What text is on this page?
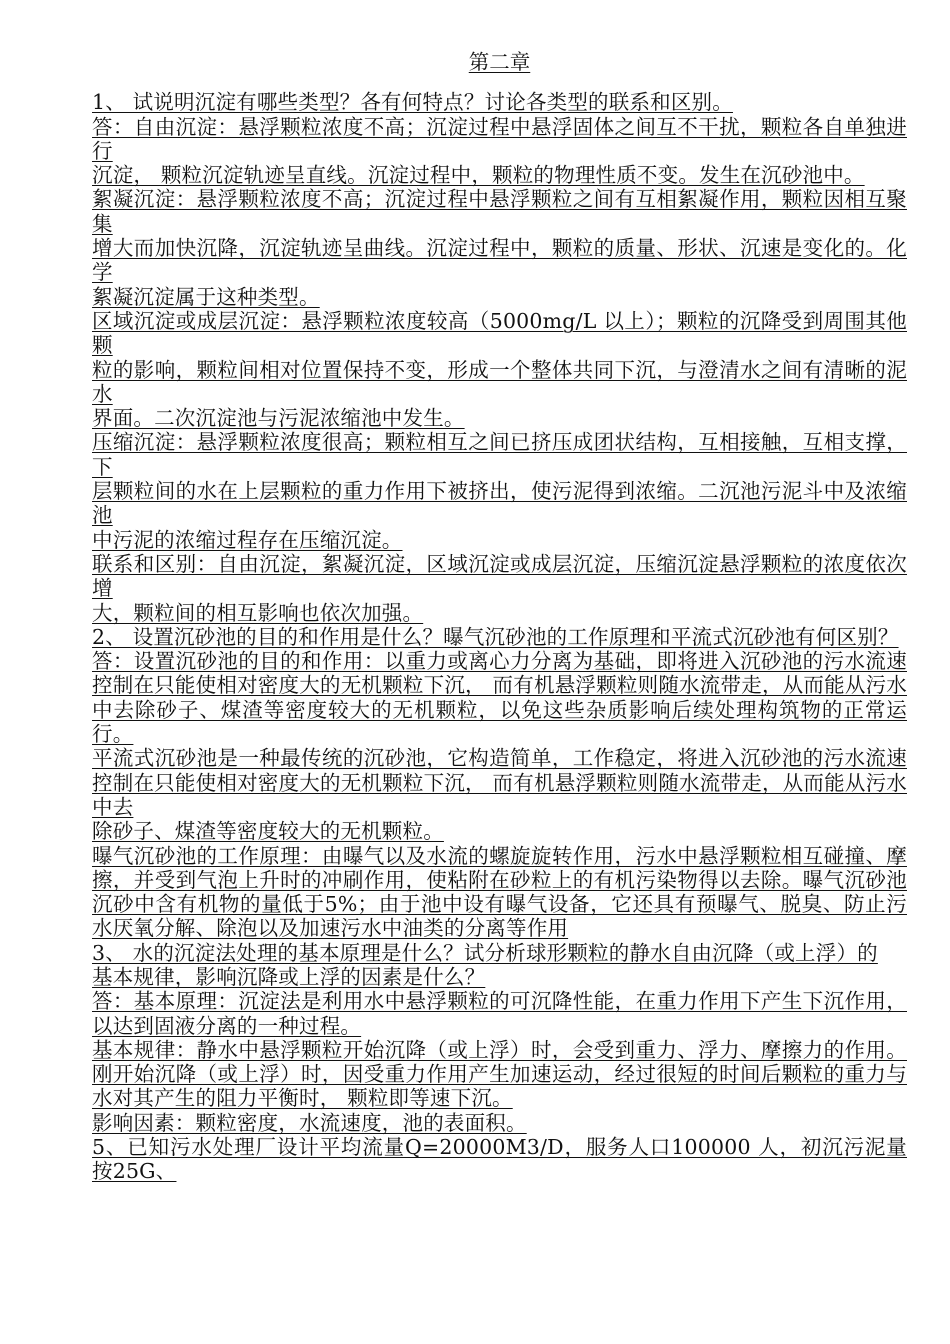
第二章

1、 试说明沉淀有哪些类型？各有何特点？讨论各类型的联系和区别。

答：自由沉淀：悬浮颗粒浓度不高；沉淀过程中悬浮固体之间互不干扰，颗粒各自单独进行

沉淀， 颗粒沉淀轨迹呈直线。沉淀过程中，颗粒的物理性质不变。发生在沉砂池中。

絮凝沉淀：悬浮颗粒浓度不高；沉淀过程中悬浮颗粒之间有互相絮凝作用，颗粒因相互聚集

增大而加快沉降，沉淀轨迹呈曲线。沉淀过程中，颗粒的质量、形状、沉速是变化的。化学

絮凝沉淀属于这种类型。

区域沉淀或成层沉淀：悬浮颗粒浓度较高（5000mg/L 以上）；颗粒的沉降受到周围其他颗

粒的影响，颗粒间相对位置保持不变，形成一个整体共同下沉，与澄清水之间有清晰的泥水

界面。二次沉淀池与污泥浓缩池中发生。

压缩沉淀：悬浮颗粒浓度很高；颗粒相互之间已挤压成团状结构，互相接触，互相支撑，下

层颗粒间的水在上层颗粒的重力作用下被挤出，使污泥得到浓缩。二沉池污泥斗中及浓缩池

中污泥的浓缩过程存在压缩沉淀。

联系和区别：自由沉淀，絮凝沉淀，区域沉淀或成层沉淀，压缩沉淀悬浮颗粒的浓度依次增

大，颗粒间的相互影响也依次加强。

2、 设置沉砂池的目的和作用是什么？曝气沉砂池的工作原理和平流式沉砂池有何区别？

答：设置沉砂池的目的和作用：以重力或离心力分离为基础，即将进入沉砂池的污水流速控制在只能使相对密度大的无机颗粒下沉， 而有机悬浮颗粒则随水流带走，从而能从污水中去除砂子、煤渣等密度较大的无机颗粒，以免这些杂质影响后续处理构筑物的正常运行。

平流式沉砂池是一种最传统的沉砂池，它构造简单，工作稳定，将进入沉砂池的污水流速控制在只能使相对密度大的无机颗粒下沉， 而有机悬浮颗粒则随水流带走，从而能从污水中去

除砂子、煤渣等密度较大的无机颗粒。

曝气沉砂池的工作原理：由曝气以及水流的螺旋旋转作用，污水中悬浮颗粒相互碰撞、摩擦，并受到气泡上升时的冲刷作用，使粘附在砂粒上的有机污染物得以去除。曝气沉砂池沉砂中含有机物的量低于5%；由于池中设有曝气设备，它还具有预曝气、脱臭、防止污水厌氧分解、除泡以及加速污水中油类的分离等作用

3、 水的沉淀法处理的基本原理是什么？试分析球形颗粒的静水自由沉降（或上浮）的

基本规律，影响沉降或上浮的因素是什么？

答：基本原理：沉淀法是利用水中悬浮颗粒的可沉降性能，在重力作用下产生下沉作用，以达到固液分离的一种过程。

基本规律：静水中悬浮颗粒开始沉降（或上浮）时，会受到重力、浮力、摩擦力的作用。刚开始沉降（或上浮）时，因受重力作用产生加速运动，经过很短的时间后颗粒的重力与水对其产生的阻力平衡时， 颗粒即等速下沉。

影响因素：颗粒密度，水流速度，池的表面积。

5、已知污水处理厂设计平均流量Q=20000M3/D，服务人口100000 人，初沉污泥量按25G、
